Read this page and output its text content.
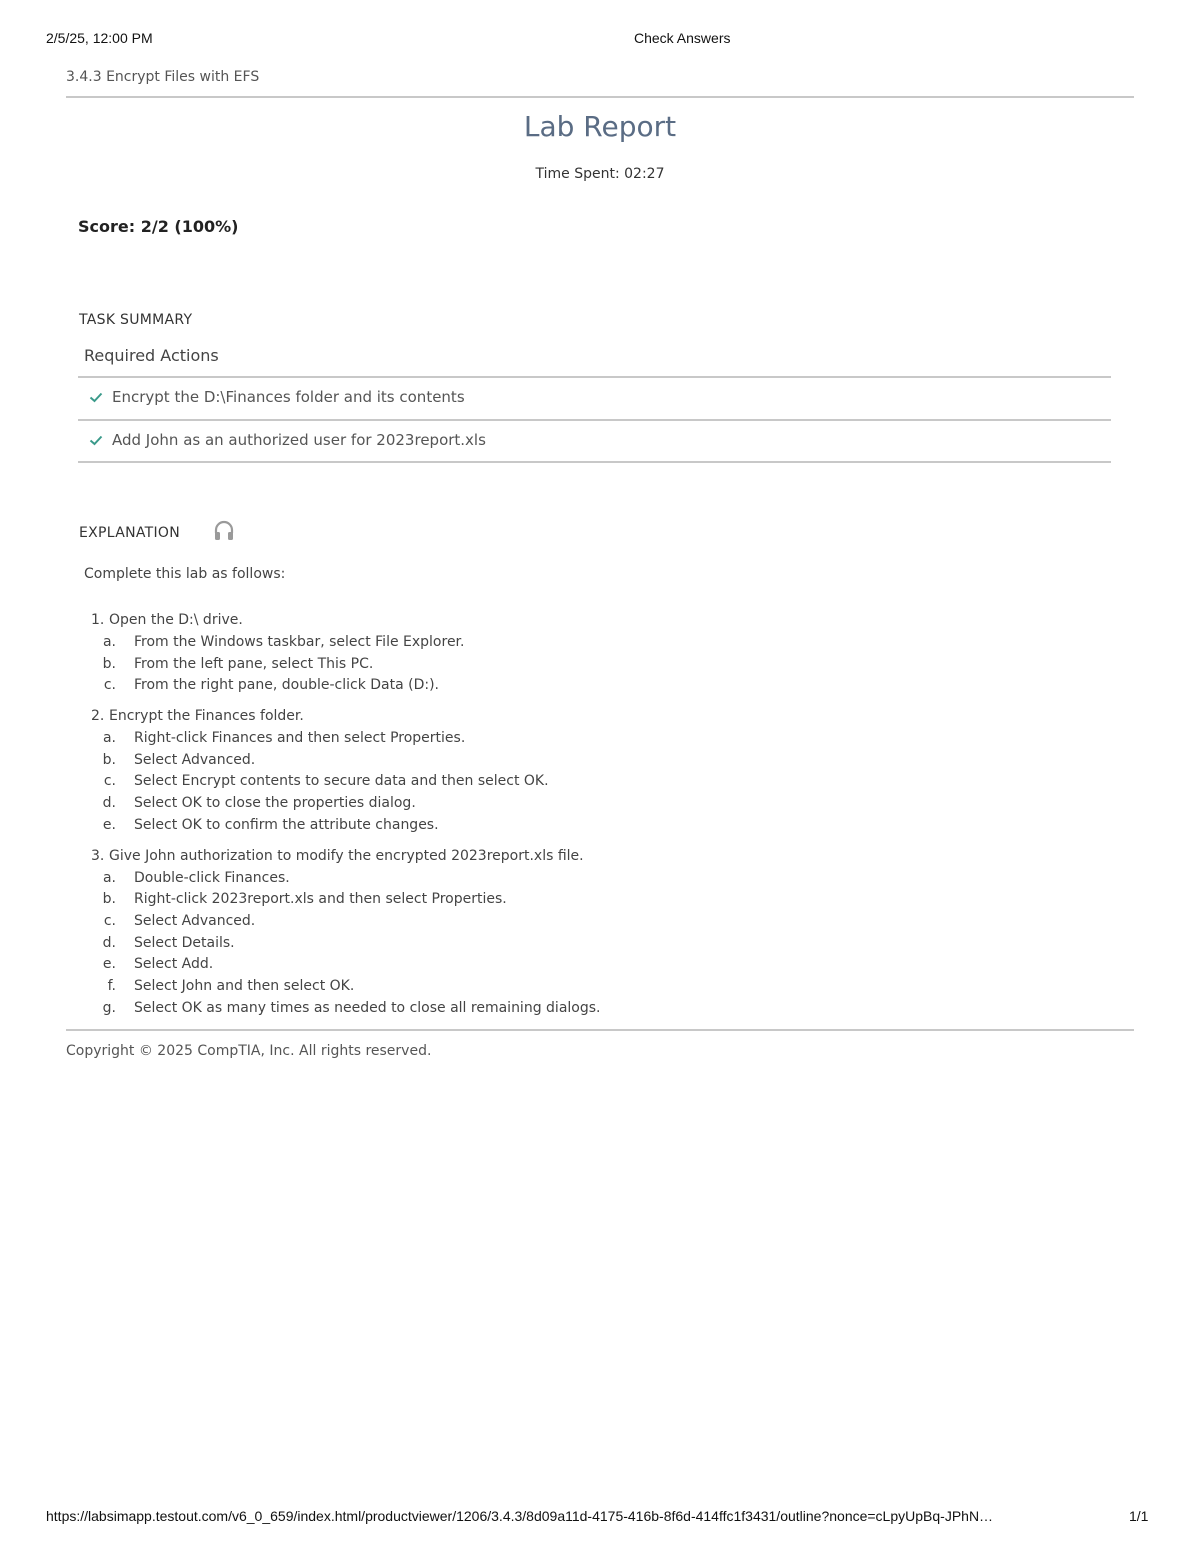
2/5/25, 12:00 PM	Check Answers
3.4.3 Encrypt Files with EFS
Lab Report
Time Spent: 02:27
Score: 2/2 (100%)
TASK SUMMARY
Required Actions
Encrypt the D:\Finances folder and its contents
Add John as an authorized user for 2023report.xls
EXPLANATION
Complete this lab as follows:
1. Open the D:\ drive.
a.	From the Windows taskbar, select File Explorer.
b.	From the left pane, select This PC.
c.	From the right pane, double-click Data (D:).
2. Encrypt the Finances folder.
a.	Right-click Finances and then select Properties.
b.	Select Advanced.
c.	Select Encrypt contents to secure data and then select OK.
d.	Select OK to close the properties dialog.
e.	Select OK to confirm the attribute changes.
3. Give John authorization to modify the encrypted 2023report.xls file.
a.	Double-click Finances.
b.	Right-click 2023report.xls and then select Properties.
c.	Select Advanced.
d.	Select Details.
e.	Select Add.
f.	Select John and then select OK.
g.	Select OK as many times as needed to close all remaining dialogs.
Copyright © 2025 CompTIA, Inc. All rights reserved.
https://labsimapp.testout.com/v6_0_659/index.html/productviewer/1206/3.4.3/8d09a11d-4175-416b-8f6d-414ffc1f3431/outline?nonce=cLpyUpBq-JPhN…	1/1
